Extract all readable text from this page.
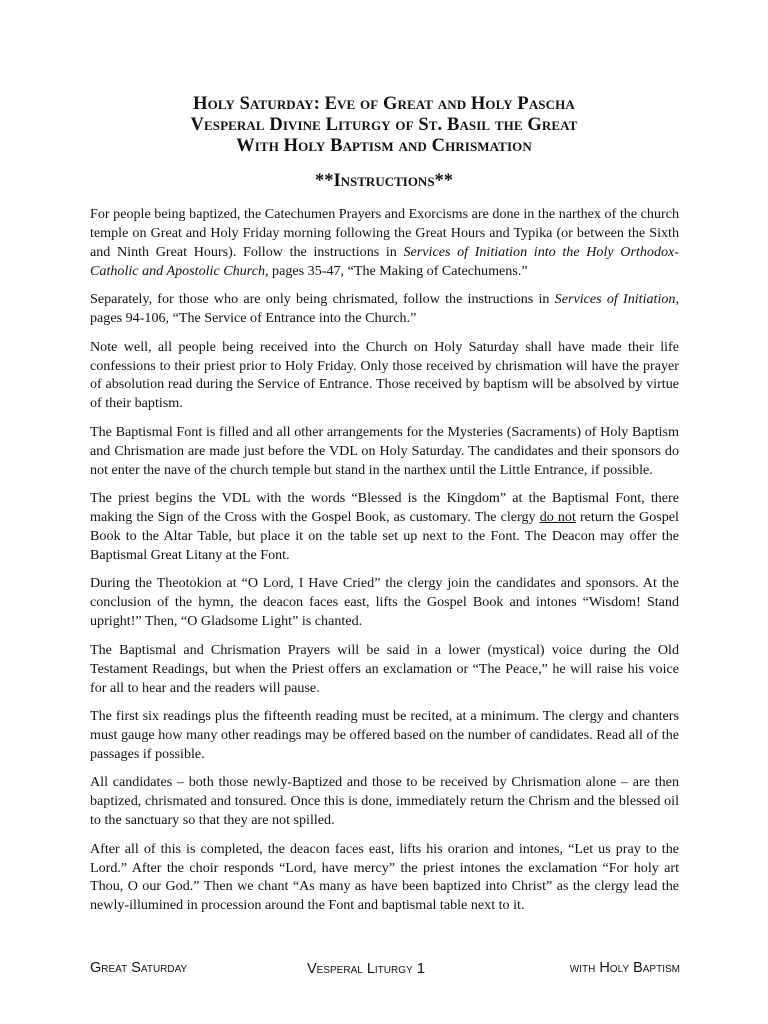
Holy Saturday: Eve of Great and Holy Pascha

Vesperal Divine Liturgy of St. Basil the Great

With Holy Baptism and Chrismation

**Instructions**

For people being baptized, the Catechumen Prayers and Exorcisms are done in the narthex of the church temple on Great and Holy Friday morning following the Great Hours and Typika (or between the Sixth and Ninth Great Hours). Follow the instructions in Services of Initiation into the Holy Orthodox-Catholic and Apostolic Church, pages 35-47, “The Making of Catechumens.”

Separately, for those who are only being chrismated, follow the instructions in Services of Initiation, pages 94-106, “The Service of Entrance into the Church.”

Note well, all people being received into the Church on Holy Saturday shall have made their life confessions to their priest prior to Holy Friday. Only those received by chrismation will have the prayer of absolution read during the Service of Entrance. Those received by baptism will be absolved by virtue of their baptism.

The Baptismal Font is filled and all other arrangements for the Mysteries (Sacraments) of Holy Baptism and Chrismation are made just before the VDL on Holy Saturday. The candidates and their sponsors do not enter the nave of the church temple but stand in the narthex until the Little Entrance, if possible.

The priest begins the VDL with the words “Blessed is the Kingdom” at the Baptismal Font, there making the Sign of the Cross with the Gospel Book, as customary. The clergy do not return the Gospel Book to the Altar Table, but place it on the table set up next to the Font. The Deacon may offer the Baptismal Great Litany at the Font.

During the Theotokion at “O Lord, I Have Cried” the clergy join the candidates and sponsors. At the conclusion of the hymn, the deacon faces east, lifts the Gospel Book and intones “Wisdom! Stand upright!” Then, “O Gladsome Light” is chanted.

The Baptismal and Chrismation Prayers will be said in a lower (mystical) voice during the Old Testament Readings, but when the Priest offers an exclamation or “The Peace,” he will raise his voice for all to hear and the readers will pause.

The first six readings plus the fifteenth reading must be recited, at a minimum. The clergy and chanters must gauge how many other readings may be offered based on the number of candidates. Read all of the passages if possible.

All candidates – both those newly-Baptized and those to be received by Chrismation alone – are then baptized, chrismated and tonsured. Once this is done, immediately return the Chrism and the blessed oil to the sanctuary so that they are not spilled.

After all of this is completed, the deacon faces east, lifts his orarion and intones, “Let us pray to the Lord.” After the choir responds “Lord, have mercy” the priest intones the exclamation “For holy art Thou, O our God.” Then we chant “As many as have been baptized into Christ” as the clergy lead the newly-illumined in procession around the Font and baptismal table next to it.

Great Saturday	Vesperal Liturgy 1	with Holy Baptism
